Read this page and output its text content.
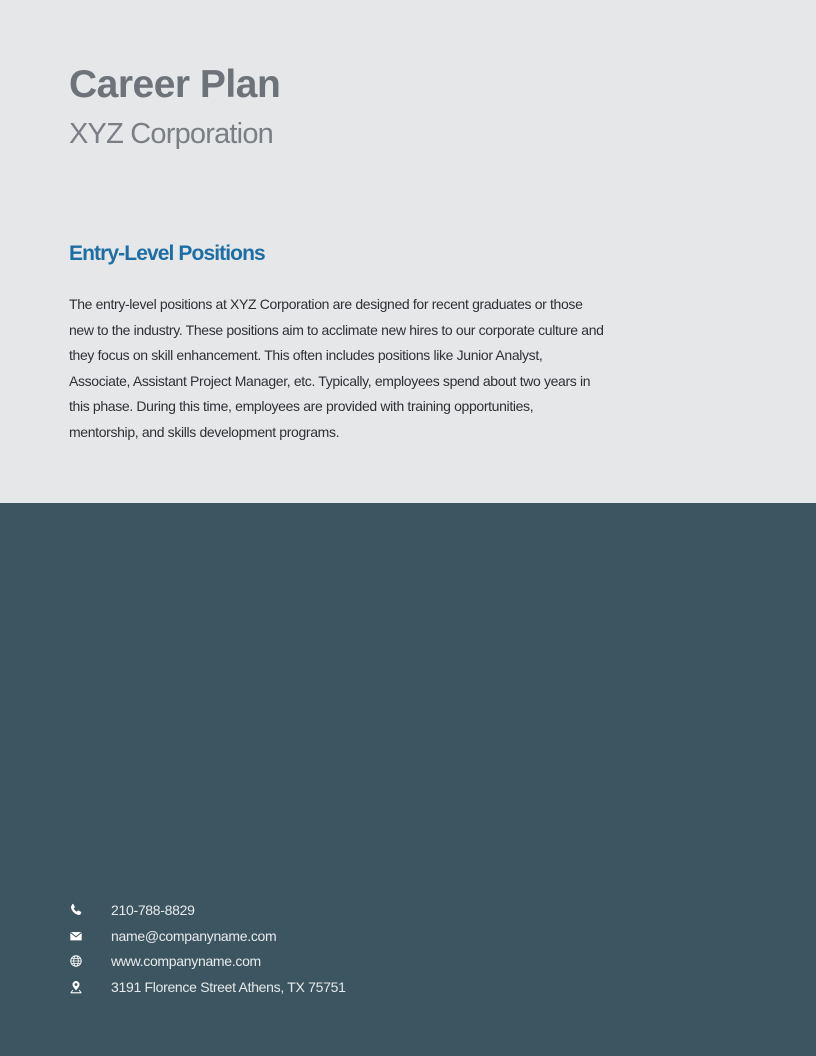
Career Plan
XYZ Corporation
Entry-Level Positions

The entry-level positions at XYZ Corporation are designed for recent graduates or those new to the industry. These positions aim to acclimate new hires to our corporate culture and they focus on skill enhancement. This often includes positions like Junior Analyst, Associate, Assistant Project Manager, etc. Typically, employees spend about two years in this phase. During this time, employees are provided with training opportunities, mentorship, and skills development programs.

210-788-8829
name@companyname.com
www.companyname.com
3191 Florence Street Athens, TX 75751
